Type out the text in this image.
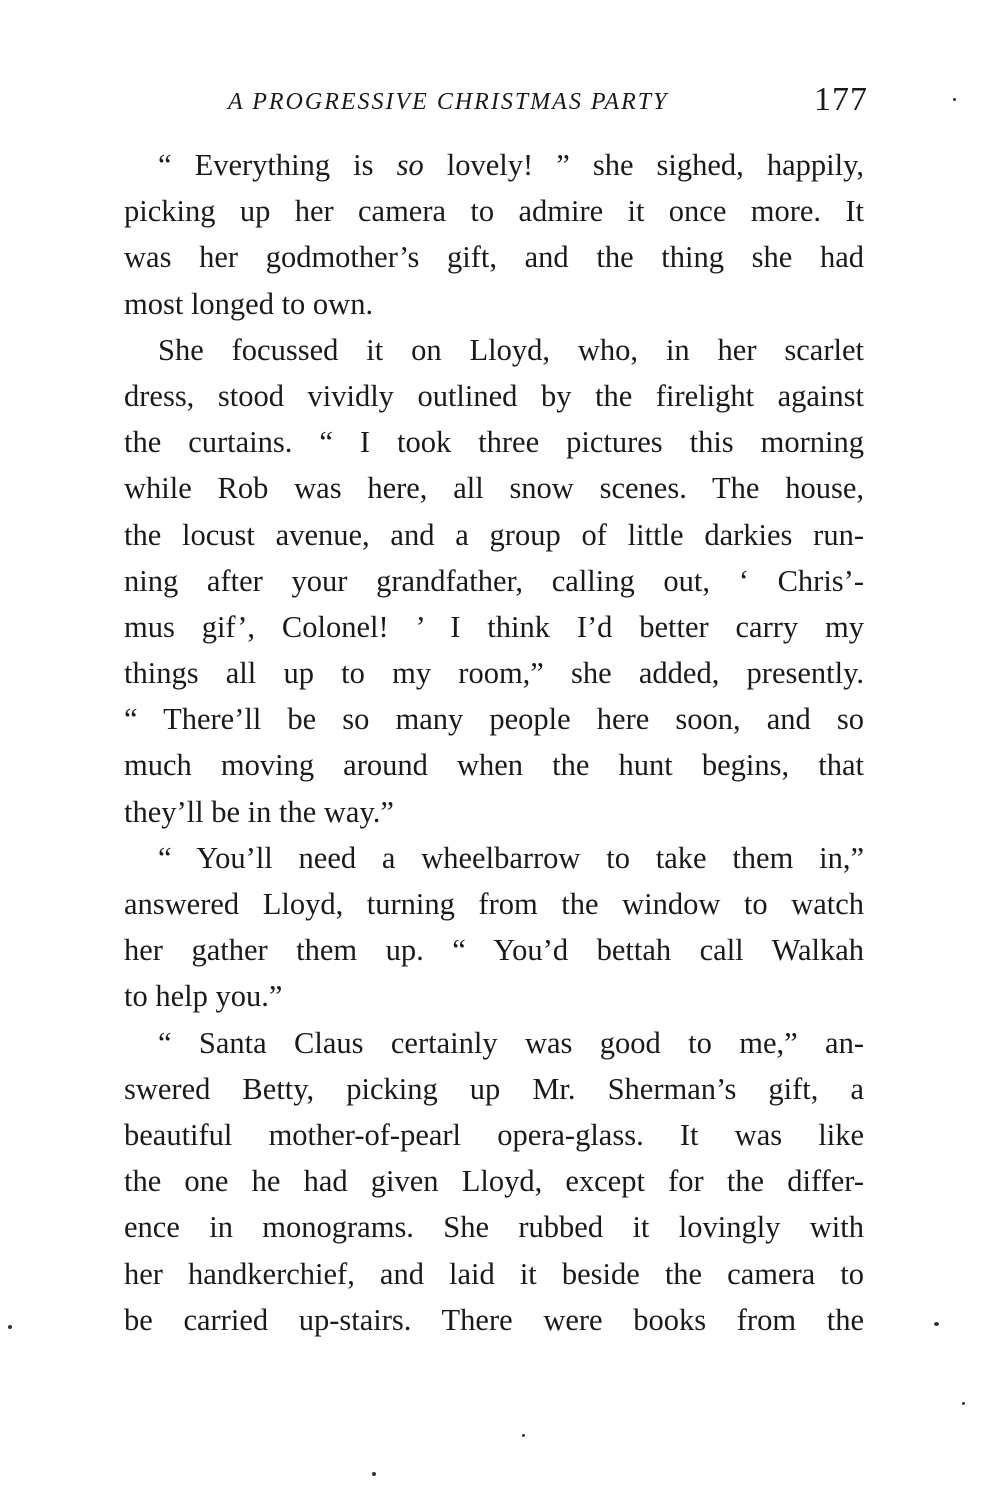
A PROGRESSIVE CHRISTMAS PARTY	177
“ Everything is so lovely! ” she sighed, happily,
picking up her camera to admire it once more. It
was her godmother’s gift, and the thing she had
most longed to own.
She focussed it on Lloyd, who, in her scarlet
dress, stood vividly outlined by the firelight against
the curtains. “ I took three pictures this morning
while Rob was here, all snow scenes. The house,
the locust avenue, and a group of little darkies run-
ning after your grandfather, calling out, ‘ Chris’-
mus gif’, Colonel! ’ I think I’d better carry my
things all up to my room,” she added, presently.
“ There’ll be so many people here soon, and so
much moving around when the hunt begins, that
they’ll be in the way.”
“ You’ll need a wheelbarrow to take them in,”
answered Lloyd, turning from the window to watch
her gather them up. “ You’d bettah call Walkah
to help you.”
“ Santa Claus certainly was good to me,” an-
swered Betty, picking up Mr. Sherman’s gift, a
beautiful mother-of-pearl opera-glass. It was like
the one he had given Lloyd, except for the differ-
ence in monograms. She rubbed it lovingly with
her handkerchief, and laid it beside the camera to
be carried up-stairs. There were books from the
